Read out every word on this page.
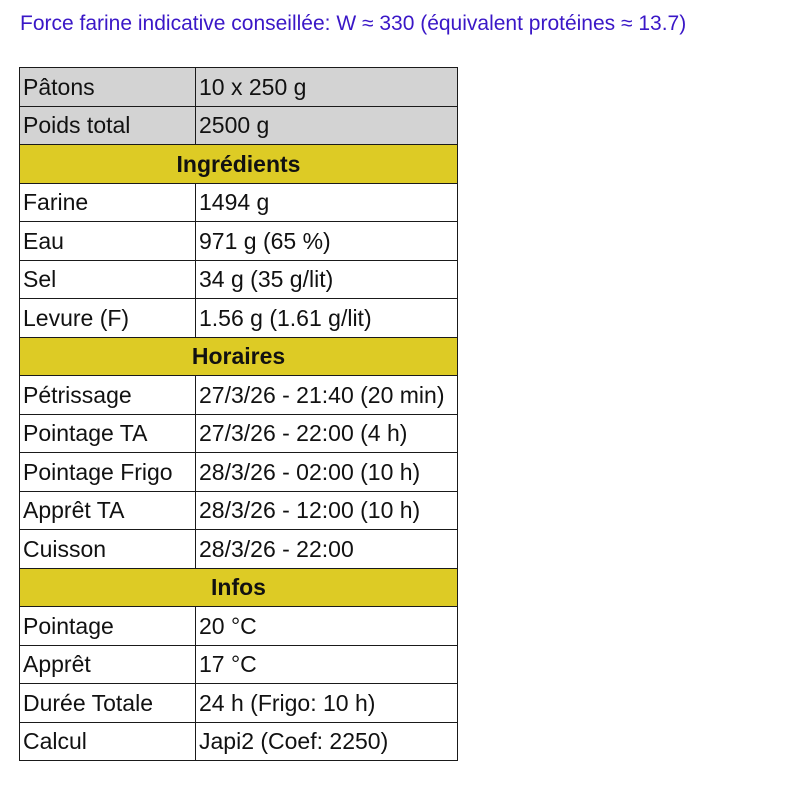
Force farine indicative conseillée: W ≈ 330 (équivalent protéines ≈ 13.7)
Pâtons	10 x 250 g
Poids total	2500 g
Ingrédients	
Farine	1494 g
Eau	971 g (65 %)
Sel	34 g (35 g/lit)
Levure (F)	1.56 g (1.61 g/lit)
Horaires	
Pétrissage	27/3/26 - 21:40 (20 min)
Pointage TA	27/3/26 - 22:00 (4 h)
Pointage Frigo	28/3/26 - 02:00 (10 h)
Apprêt TA	28/3/26 - 12:00 (10 h)
Cuisson	28/3/26 - 22:00
Infos	
Pointage	20 °C
Apprêt	17 °C
Durée Totale	24 h (Frigo: 10 h)
Calcul	Japi2 (Coef: 2250)
